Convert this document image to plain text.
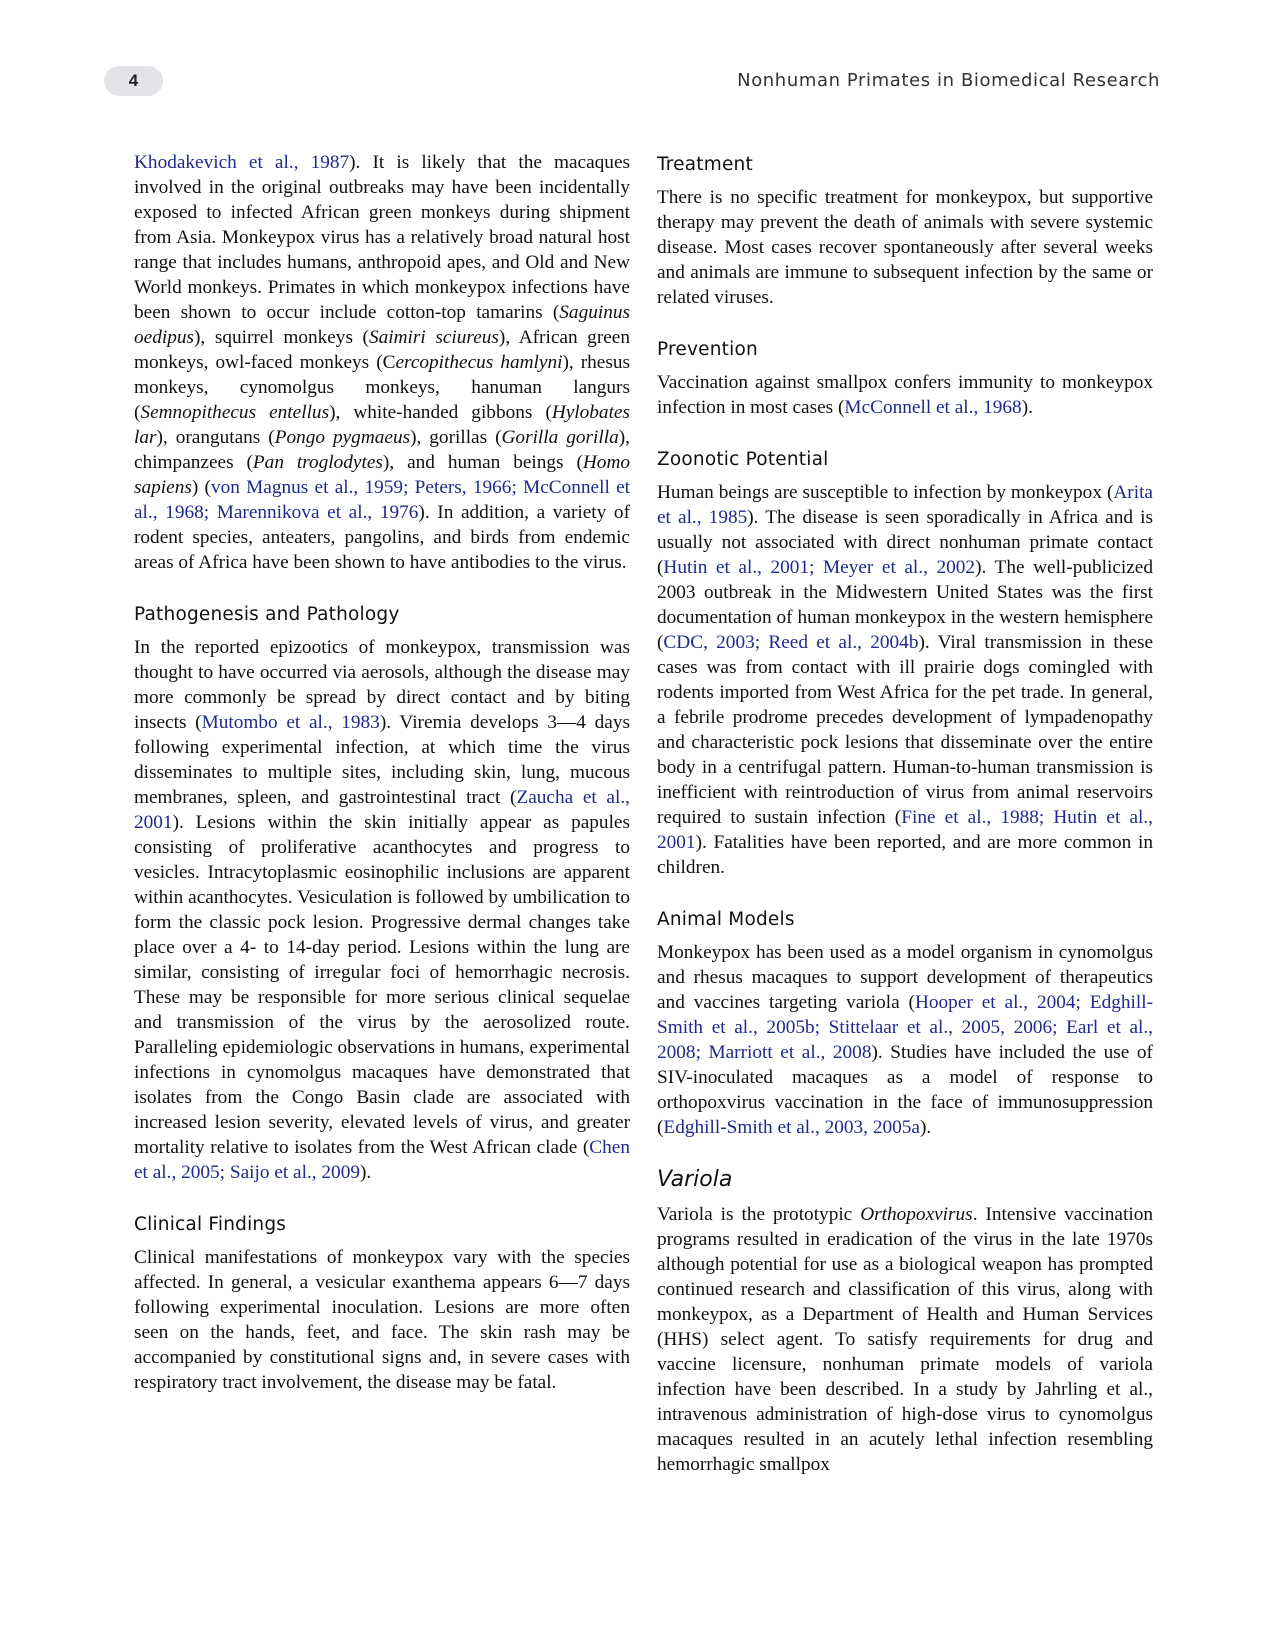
4	Nonhuman Primates in Biomedical Research

Khodakevich et al., 1987). It is likely that the macaques involved in the original outbreaks may have been incidentally exposed to infected African green monkeys during shipment from Asia. Monkeypox virus has a relatively broad natural host range that includes humans, anthropoid apes, and Old and New World monkeys. Primates in which monkeypox infections have been shown to occur include cotton-top tamarins (Saguinus oedipus), squirrel monkeys (Saimiri sciureus), African green monkeys, owl-faced monkeys (Cercopithecus hamlyni), rhesus monkeys, cynomolgus monkeys, hanuman langurs (Semnopithecus entellus), white-handed gibbons (Hylobates lar), orangutans (Pongo pygmaeus), gorillas (Gorilla gorilla), chimpanzees (Pan troglodytes), and human beings (Homo sapiens) (von Magnus et al., 1959; Peters, 1966; McConnell et al., 1968; Marennikova et al., 1976). In addition, a variety of rodent species, anteaters, pangolins, and birds from endemic areas of Africa have been shown to have antibodies to the virus.

Pathogenesis and Pathology

In the reported epizootics of monkeypox, transmission was thought to have occurred via aerosols, although the disease may more commonly be spread by direct contact and by biting insects (Mutombo et al., 1983). Viremia develops 3—4 days following experimental infection, at which time the virus disseminates to multiple sites, including skin, lung, mucous membranes, spleen, and gastrointestinal tract (Zaucha et al., 2001). Lesions within the skin initially appear as papules consisting of proliferative acanthocytes and progress to vesicles. Intracytoplasmic eosinophilic inclusions are apparent within acanthocytes. Vesiculation is followed by umbilication to form the classic pock lesion. Progressive dermal changes take place over a 4- to 14-day period. Lesions within the lung are similar, consisting of irregular foci of hemorrhagic necrosis. These may be responsible for more serious clinical sequelae and transmission of the virus by the aerosolized route. Paralleling epidemiologic observations in humans, experimental infections in cynomolgus macaques have demonstrated that isolates from the Congo Basin clade are associated with increased lesion severity, elevated levels of virus, and greater mortality relative to isolates from the West African clade (Chen et al., 2005; Saijo et al., 2009).

Clinical Findings

Clinical manifestations of monkeypox vary with the species affected. In general, a vesicular exanthema appears 6—7 days following experimental inoculation. Lesions are more often seen on the hands, feet, and face. The skin rash may be accompanied by constitutional signs and, in severe cases with respiratory tract involvement, the disease may be fatal.

Treatment

There is no specific treatment for monkeypox, but supportive therapy may prevent the death of animals with severe systemic disease. Most cases recover spontaneously after several weeks and animals are immune to subsequent infection by the same or related viruses.

Prevention

Vaccination against smallpox confers immunity to monkeypox infection in most cases (McConnell et al., 1968).

Zoonotic Potential

Human beings are susceptible to infection by monkeypox (Arita et al., 1985). The disease is seen sporadically in Africa and is usually not associated with direct nonhuman primate contact (Hutin et al., 2001; Meyer et al., 2002). The well-publicized 2003 outbreak in the Midwestern United States was the first documentation of human monkeypox in the western hemisphere (CDC, 2003; Reed et al., 2004b). Viral transmission in these cases was from contact with ill prairie dogs comingled with rodents imported from West Africa for the pet trade. In general, a febrile prodrome precedes development of lympadenopathy and characteristic pock lesions that disseminate over the entire body in a centrifugal pattern. Human-to-human transmission is inefficient with reintroduction of virus from animal reservoirs required to sustain infection (Fine et al., 1988; Hutin et al., 2001). Fatalities have been reported, and are more common in children.

Animal Models

Monkeypox has been used as a model organism in cynomolgus and rhesus macaques to support development of therapeutics and vaccines targeting variola (Hooper et al., 2004; Edghill-Smith et al., 2005b; Stittelaar et al., 2005, 2006; Earl et al., 2008; Marriott et al., 2008). Studies have included the use of SIV-inoculated macaques as a model of response to orthopoxvirus vaccination in the face of immunosuppression (Edghill-Smith et al., 2003, 2005a).

Variola

Variola is the prototypic Orthopoxvirus. Intensive vaccination programs resulted in eradication of the virus in the late 1970s although potential for use as a biological weapon has prompted continued research and classification of this virus, along with monkeypox, as a Department of Health and Human Services (HHS) select agent. To satisfy requirements for drug and vaccine licensure, nonhuman primate models of variola infection have been described. In a study by Jahrling et al., intravenous administration of high-dose virus to cynomolgus macaques resulted in an acutely lethal infection resembling hemorrhagic smallpox
